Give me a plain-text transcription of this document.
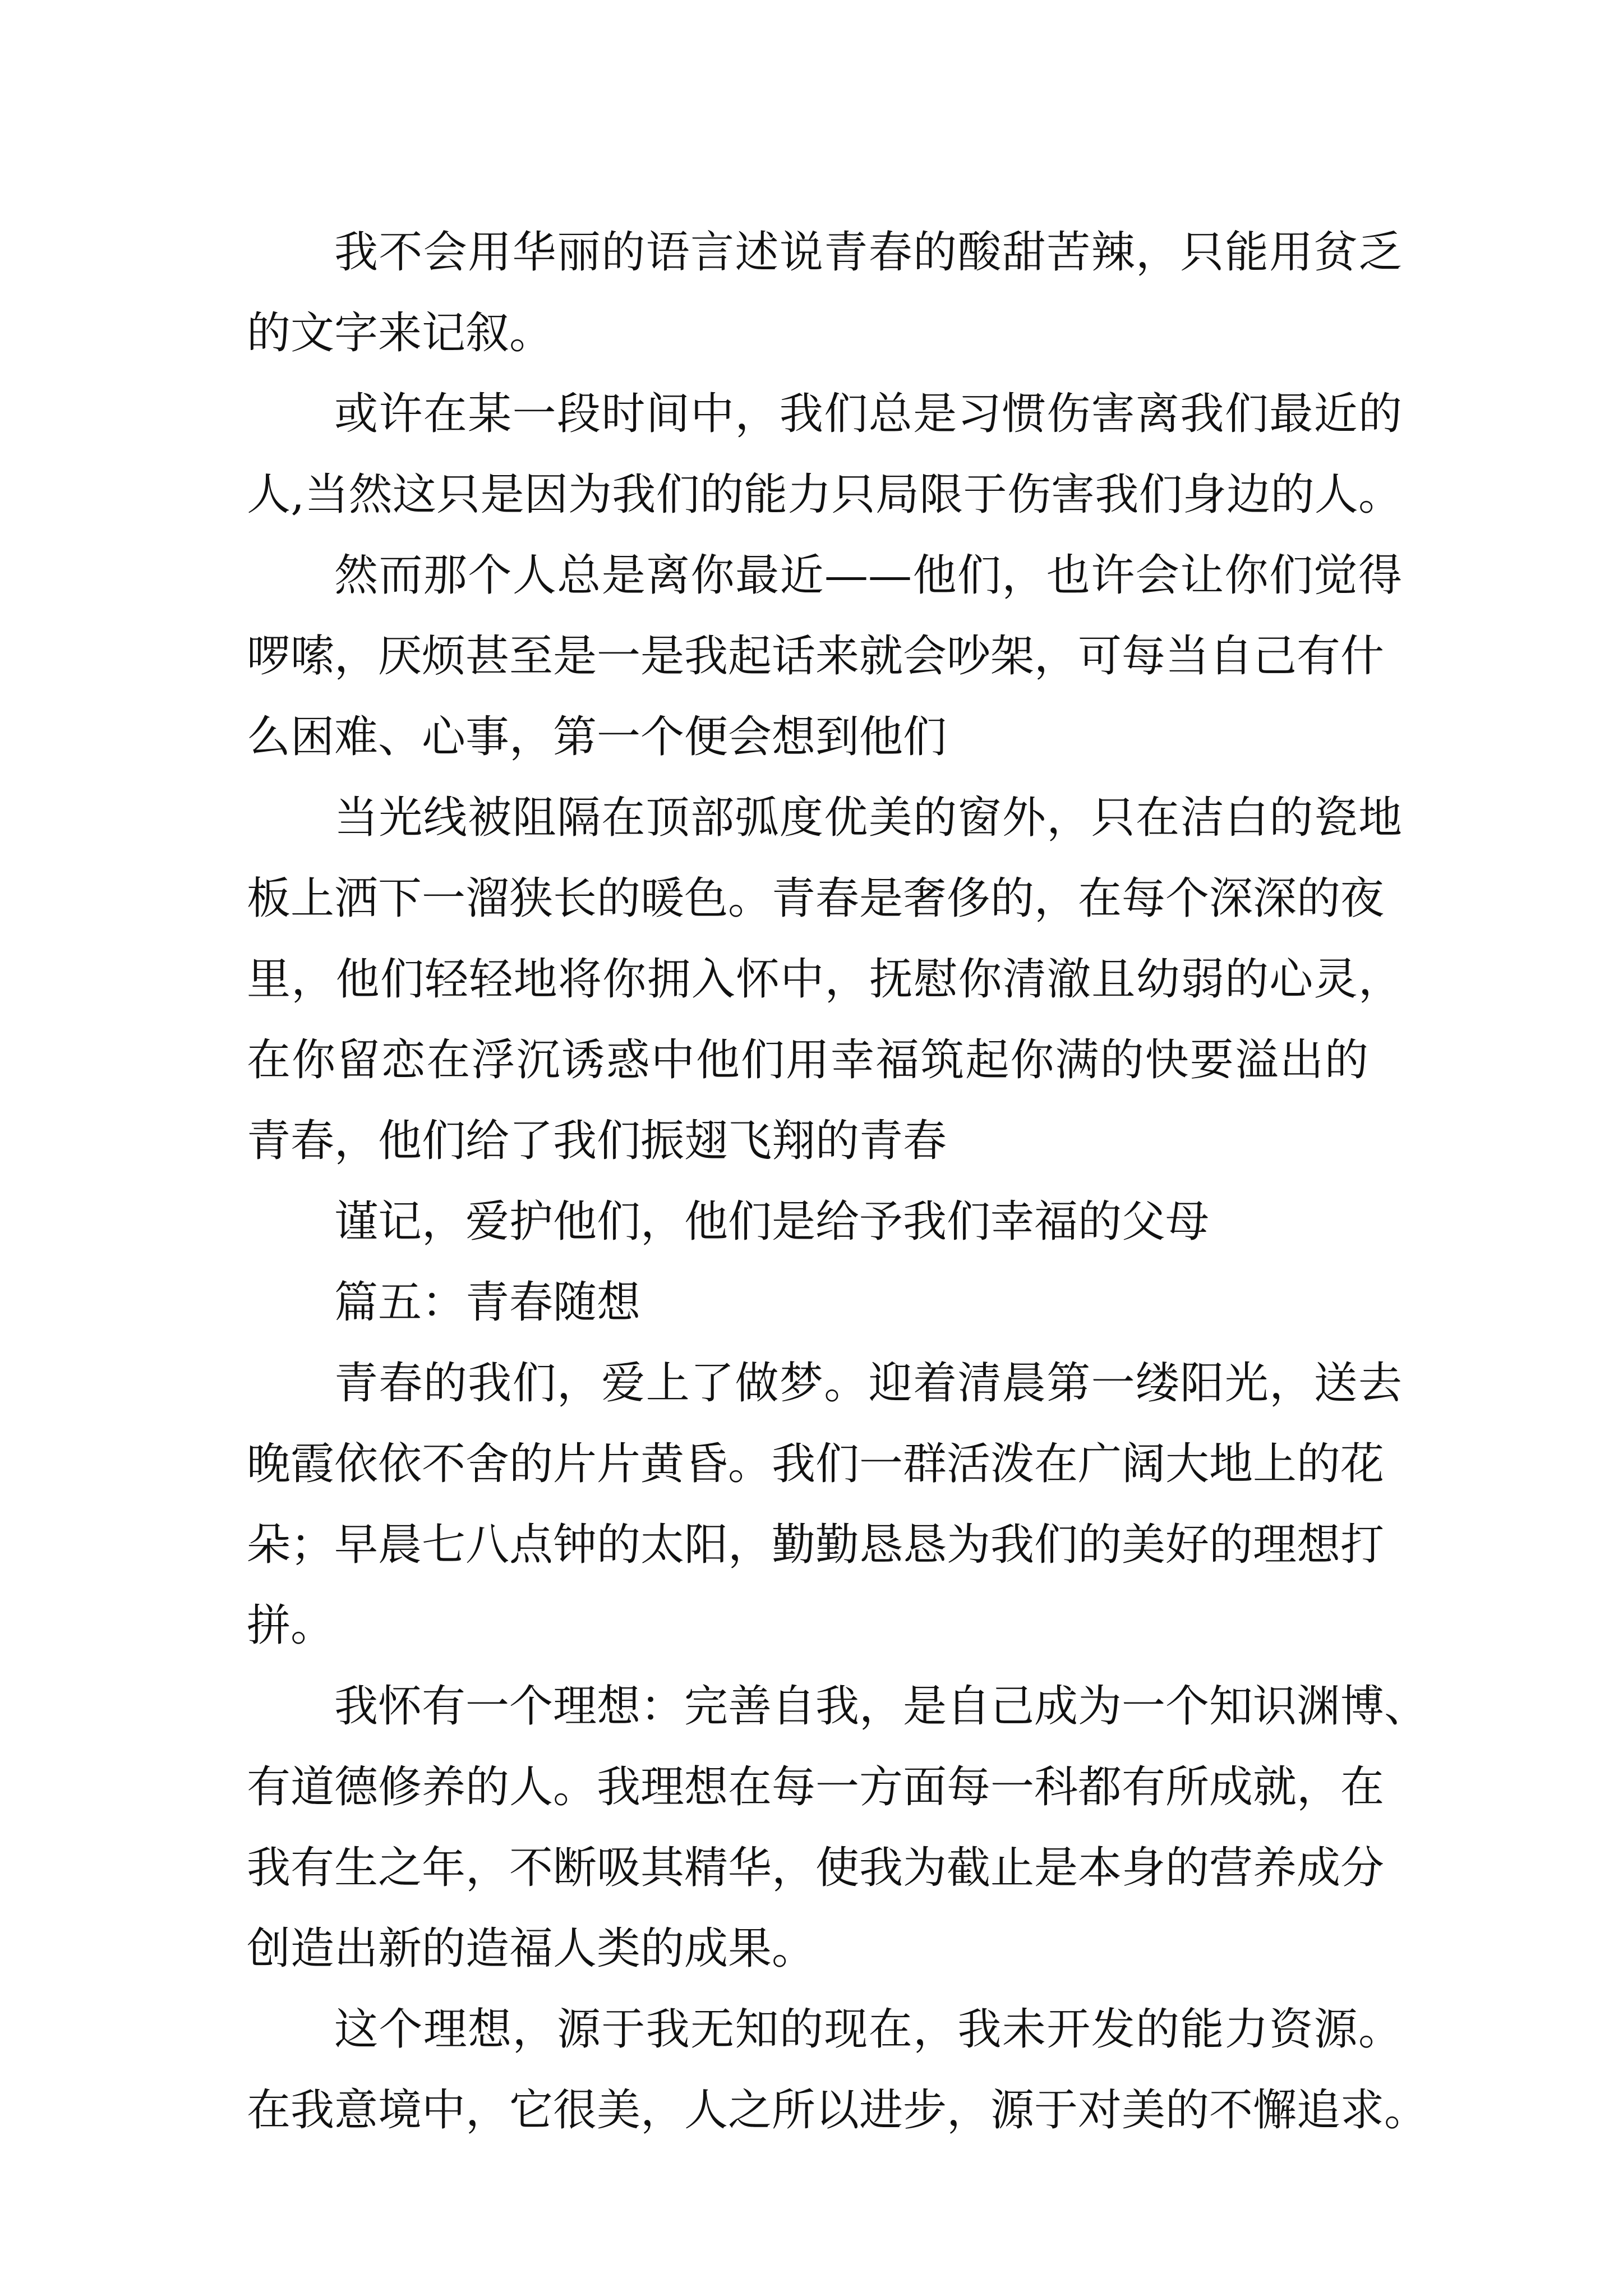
我不会用华丽的语言述说青春的酸甜苦辣，只能用贫乏
的文字来记叙。
或许在某一段时间中，我们总是习惯伤害离我们最近的
人,当然这只是因为我们的能力只局限于伤害我们身边的人。
然而那个人总是离你最近——他们，也许会让你们觉得
啰嗦，厌烦甚至是一是我起话来就会吵架，可每当自己有什
么困难、心事，第一个便会想到他们
当光线被阻隔在顶部弧度优美的窗外，只在洁白的瓷地
板上洒下一溜狭长的暖色。青春是奢侈的，在每个深深的夜
里，他们轻轻地将你拥入怀中，抚慰你清澈且幼弱的心灵，
在你留恋在浮沉诱惑中他们用幸福筑起你满的快要溢出的
青春，他们给了我们振翅飞翔的青春
谨记，爱护他们，他们是给予我们幸福的父母
篇五：青春随想
青春的我们，爱上了做梦。迎着清晨第一缕阳光，送去
晚霞依依不舍的片片黄昏。我们一群活泼在广阔大地上的花
朵；早晨七八点钟的太阳，勤勤恳恳为我们的美好的理想打
拼。
我怀有一个理想：完善自我，是自己成为一个知识渊博、
有道德修养的人。我理想在每一方面每一科都有所成就，在
我有生之年，不断吸其精华，使我为截止是本身的营养成分
创造出新的造福人类的成果。
这个理想，源于我无知的现在，我未开发的能力资源。
在我意境中，它很美，人之所以进步，源于对美的不懈追求。
